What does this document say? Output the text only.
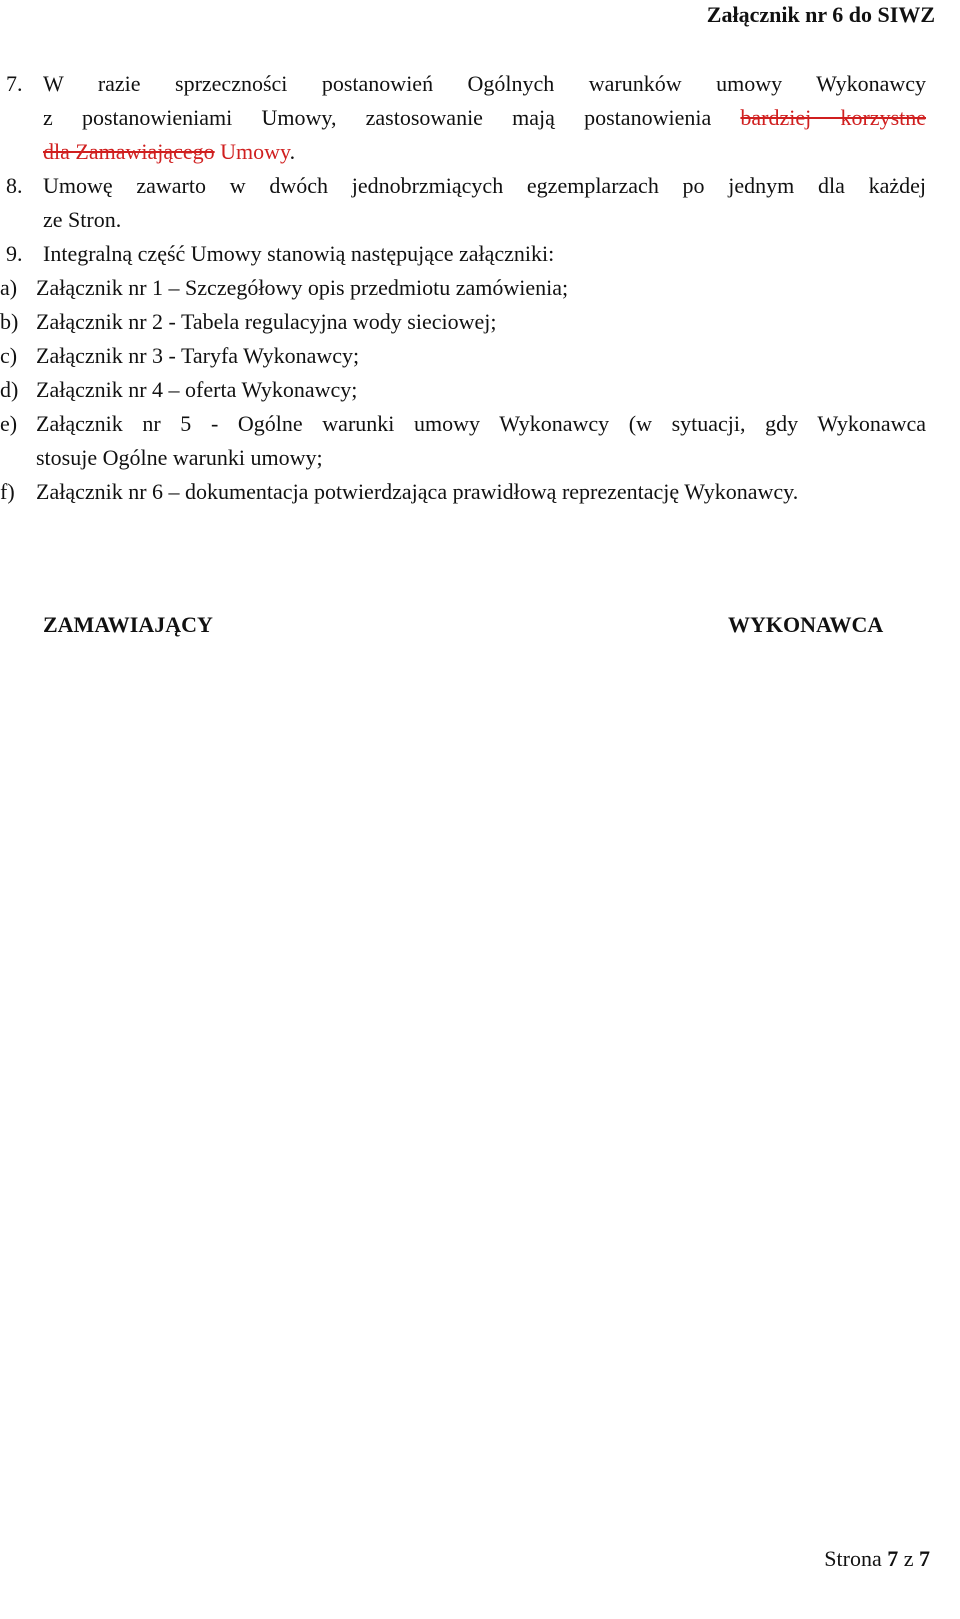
Załącznik nr 6 do SIWZ
7. W razie sprzeczności postanowień Ogólnych warunków umowy Wykonawcy
z postanowieniami Umowy, zastosowanie mają postanowienia bardziej korzystne
dla Zamawiającego Umowy.
8. Umowę zawarto w dwóch jednobrzmiących egzemplarzach po jednym dla każdej
ze Stron.
9. Integralną część Umowy stanowią następujące załączniki:
a) Załącznik nr 1 – Szczegółowy opis przedmiotu zamówienia;
b) Załącznik nr 2 - Tabela regulacyjna wody sieciowej;
c) Załącznik nr 3 - Taryfa Wykonawcy;
d) Załącznik nr 4 – oferta Wykonawcy;
e) Załącznik nr 5 - Ogólne warunki umowy Wykonawcy (w sytuacji, gdy Wykonawca
stosuje Ogólne warunki umowy;
f) Załącznik nr 6 – dokumentacja potwierdzająca prawidłową reprezentację Wykonawcy.
ZAMAWIAJĄCY	WYKONAWCA
Strona 7 z 7
